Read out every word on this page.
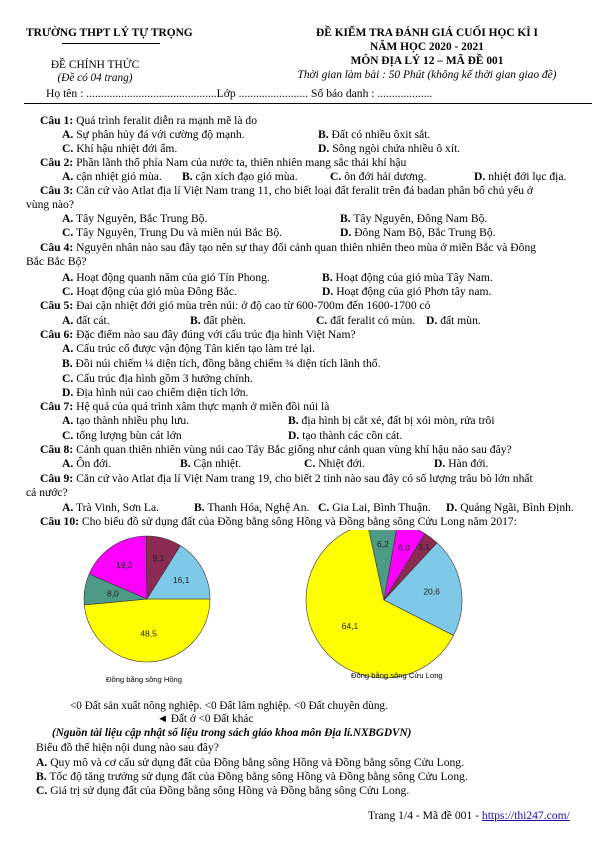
TRƯỜNG THPT LÝ TỰ TRỌNG	ĐỀ KIỂM TRA ĐÁNH GIÁ CUỐI HỌC KÌ I
NĂM HỌC 2020 - 2021
MÔN ĐỊA LÝ 12 – MÃ ĐỀ 001
ĐỀ CHÍNH THỨC
(Đề có 04 trang)	Thời gian làm bài : 50 Phút (không kể thời gian giao đề)
Họ tên : .............................................Lớp ........................ Số báo danh : ...................
Câu 1: Quá trình feralit diễn ra mạnh mẽ là do
A. Sự phân hủy đá với cường độ mạnh.	B. Đất có nhiều ôxit sắt.
C. Khí hậu nhiệt đới ẩm.	D. Sông ngòi chứa nhiều ô xít.
Câu 2: Phần lãnh thổ phía Nam của nước ta, thiên nhiên mang sắc thái khí hậu
A. cận nhiệt gió mùa. B. cận xích đạo gió mùa.	C. ôn đới hải dương.	D. nhiệt đới lục địa.
Câu 3: Căn cứ vào Atlat địa lí Việt Nam trang 11, cho biết loại đất feralit trên đá badan phân bố chủ yếu ở
vùng nào?
A. Tây Nguyên, Bắc Trung Bộ.	B. Tây Nguyên, Đông Nam Bộ.
C. Tây Nguyên, Trung Du và miền núi Bắc Bộ.	D. Đông Nam Bộ, Bắc Trung Bộ.
Câu 4: Nguyên nhân nào sau đây tạo nên sự thay đổi cảnh quan thiên nhiên theo mùa ở miền Bắc và Đông
Bắc Bắc Bộ?
A. Hoạt động quanh năm của gió Tín Phong.	B. Hoạt động của gió mùa Tây Nam.
C. Hoạt động của gió mùa Đông Bắc.	D. Hoạt động của gió Phơn tây nam.
Câu 5: Đai cận nhiệt đới gió mùa trên núi: ở độ cao từ 600-700m đến 1600-1700 có
A. đất cát.	B. đất phèn.	C. đất feralit có mùn. D. đất mùn.
Câu 6: Đặc điểm nào sau đây đúng với cấu trúc địa hình Việt Nam?
A. Cấu trúc cổ được vận động Tân kiến tạo làm trẻ lại.
B. Đồi núi chiếm ¼ diện tích, đồng bằng chiếm ¾ diện tích lãnh thổ.
C. Cấu trúc địa hình gồm 3 hướng chính.
D. Địa hình núi cao chiếm diện tích lớn.
Câu 7: Hệ quả của quá trình xâm thực mạnh ở miền đồi núi là
A. tạo thành nhiều phụ lưu.	B. địa hình bị cắt xẻ, đất bị xói mòn, rửa trôi
C. tổng lượng bùn cát lớn	D. tạo thành các cồn cát.
Câu 8: Cảnh quan thiên nhiên vùng núi cao Tây Bắc giống như cảnh quan vùng khí hậu nào sau đây?
A. Ôn đới.	B. Cận nhiệt.	C. Nhiệt đới.	D. Hàn đới.
Câu 9: Căn cứ vào Atlat địa lí Việt Nam trang 19, cho biết 2 tỉnh nào sau đây có số lượng trâu bò lớn nhất
cả nước?
A. Trà Vinh, Sơn La.	B. Thanh Hóa, Nghệ An. C. Gia Lai, Bình Thuận. D. Quảng Ngãi, Bình Định.
Câu 10: Cho biểu đồ sử dụng đất của Đồng bằng sông Hồng và Đồng bằng sông Cửu Long năm 2017:
48,5
8,0
18,3
9,1
16,1
64,1
6,2 6,0 3,1
20,6
Đồng bằng sông Hồng	Đồng bằng sông Cửu Long
<0 Đất sản xuất nông nghiệp. <0 Đất lâm nghiệp. <0 Đất chuyên dùng.
◄ Đất ở <0 Đất khác
(Nguồn tài liệu cập nhật số liệu trong sách giáo khoa môn Địa lí.NXBGDVN)
Biểu đồ thể hiện nội dung nào sau đây?
A. Quy mô và cơ cấu sử dụng đất của Đồng bằng sông Hồng và Đồng bằng sông Cửu Long.
B. Tốc độ tăng trưởng sử dụng đất của Đồng bằng sông Hồng và Đồng bằng sông Cửu Long.
C. Giá trị sử dụng đất của Đồng bằng sông Hồng và Đồng bằng sông Cửu Long.
Trang 1/4 - Mã đề 001 - https://thi247.com/
